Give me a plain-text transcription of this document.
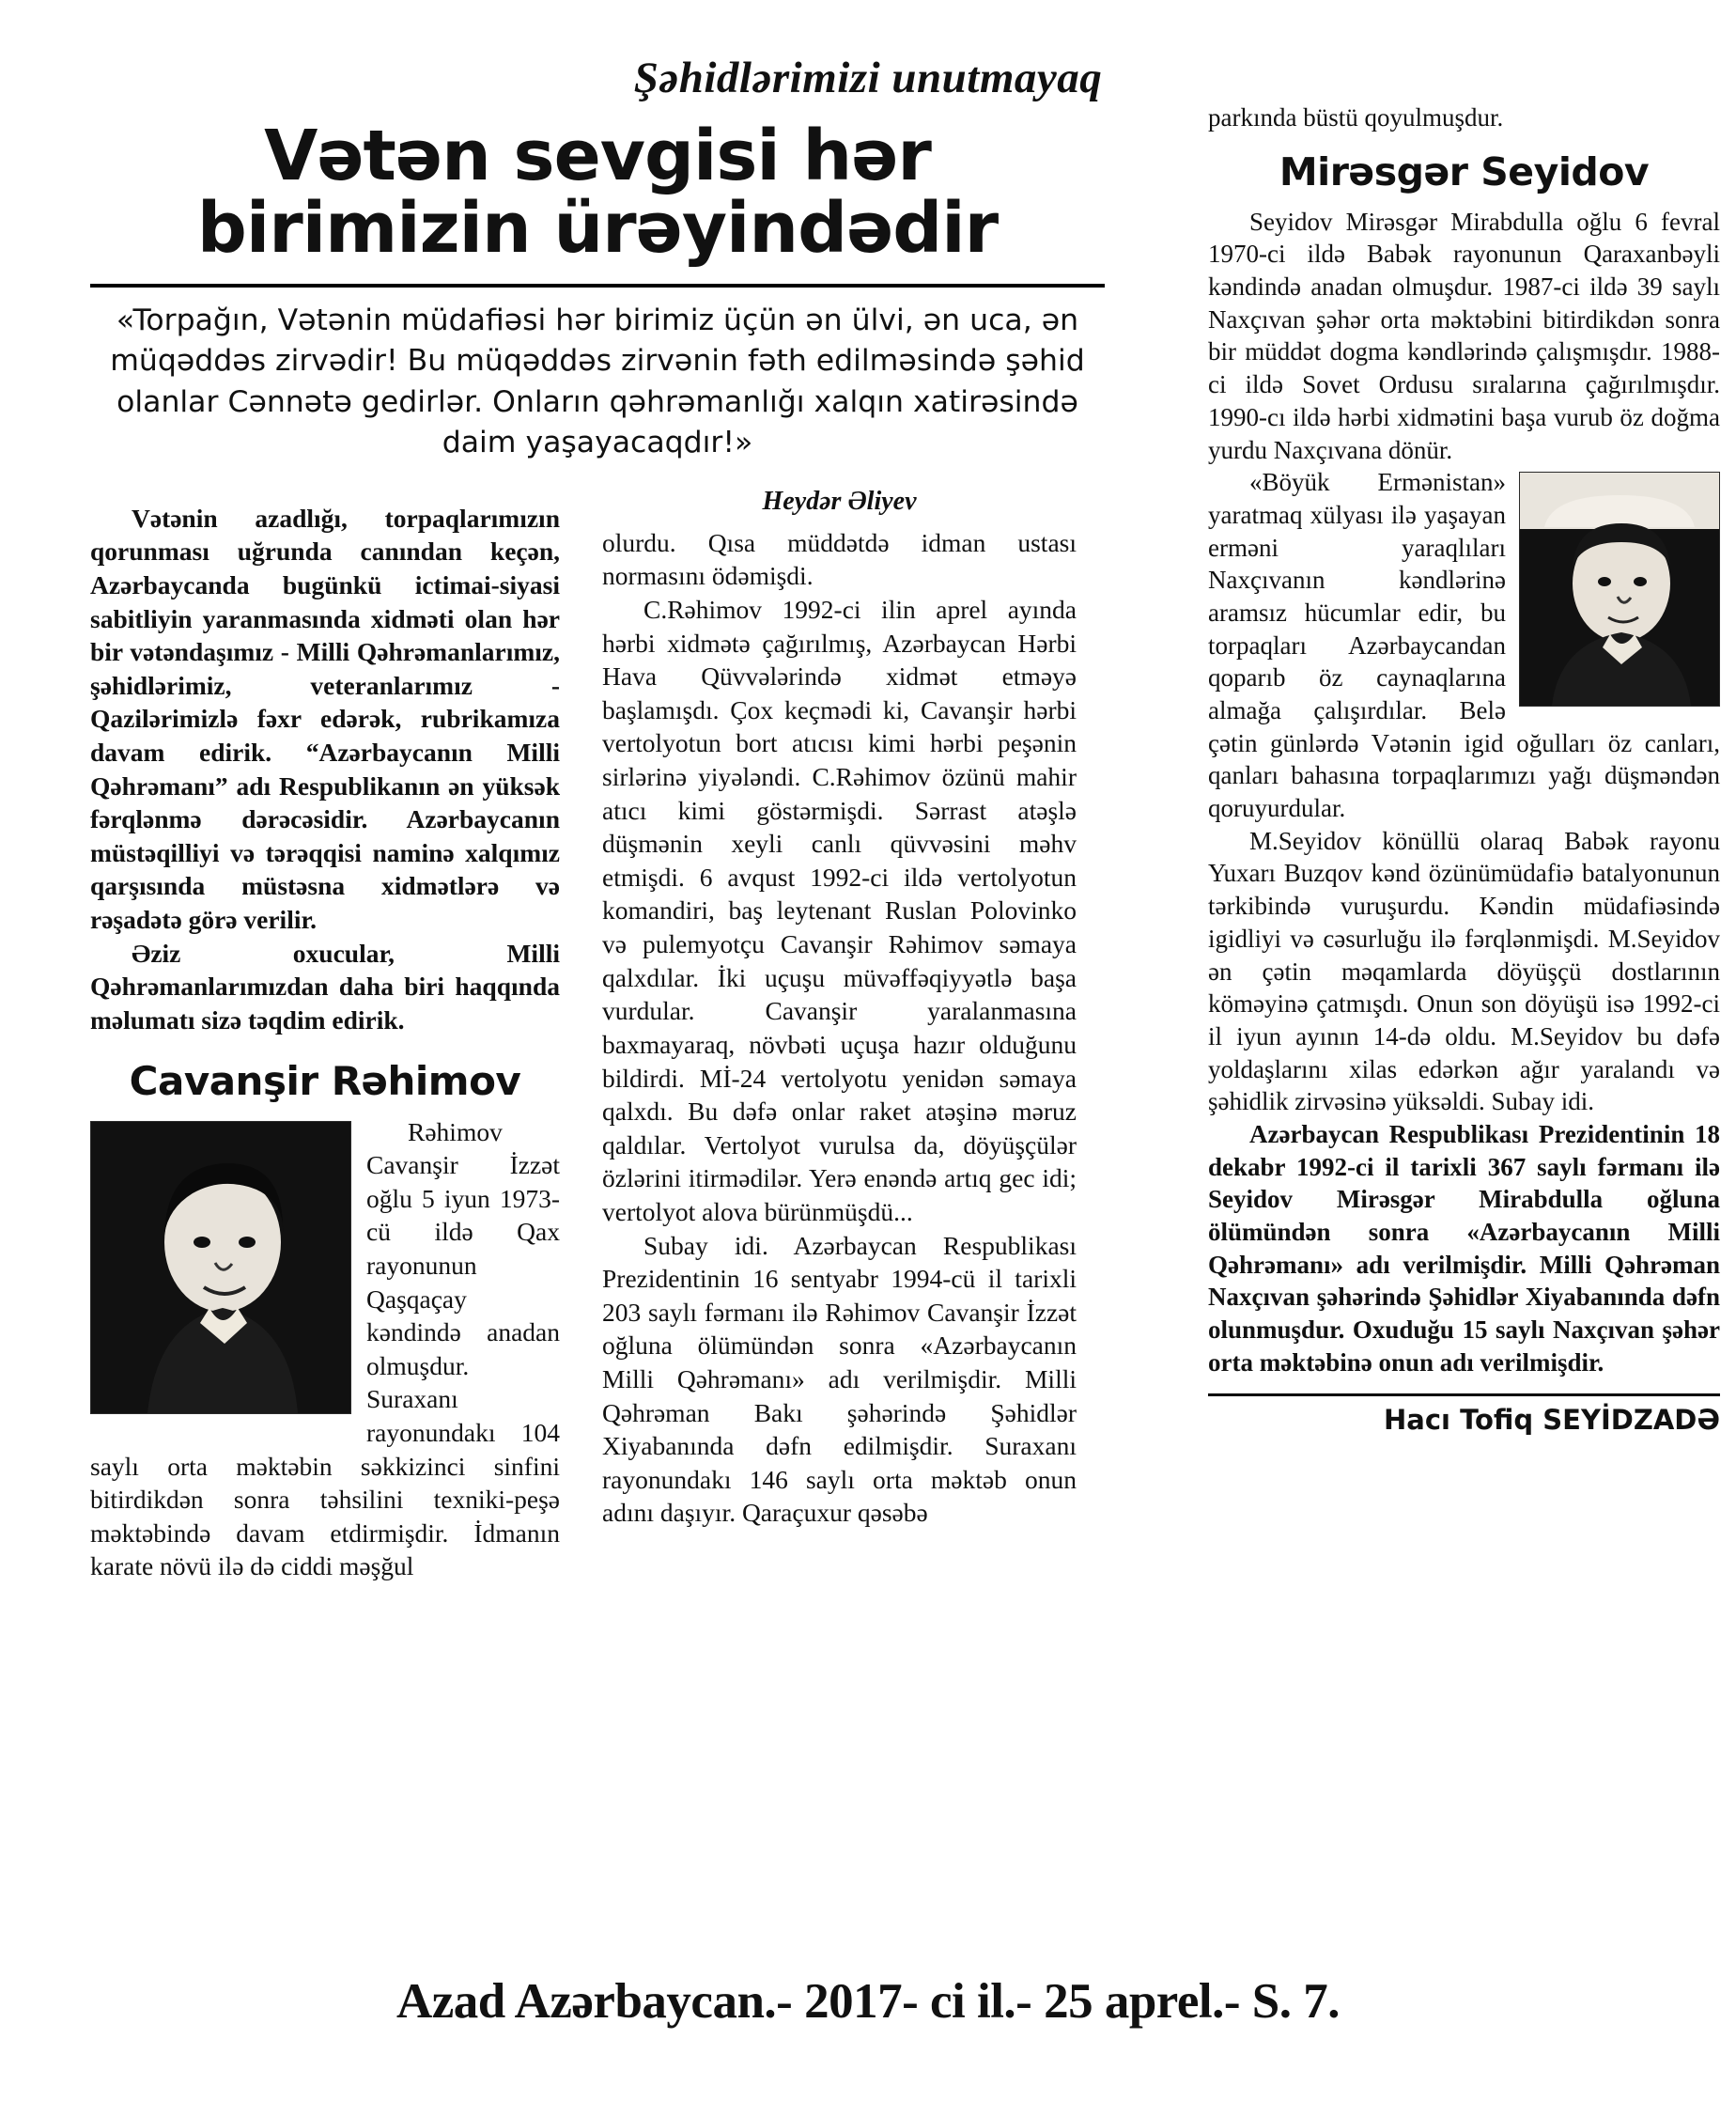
Şəhidlərimizi unutmayaq
Vətən sevgisi hər birimizin ürəyindədir
«Torpağın, Vətənin müdafiəsi hər birimiz üçün ən ülvi, ən uca, ən müqəddəs zirvədir! Bu müqəddəs zirvənin fəth edilməsində şəhid olanlar Cənnətə gedirlər. Onların qəhrəmanlığı xalqın xatirəsində daim yaşayacaqdır!»

Vətənin azadlığı, torpaqlarımızın qorunması uğrunda canından keçən, Azərbaycanda bugünkü ictimai-siyasi sabitliyin yaranmasında xidməti olan hər bir vətəndaşımız - Milli Qəhrəmanlarımız, şəhidlərimiz, veteranlarımız - Qazilərimizlə fəxr edərək, rubrikamıza davam edirik. “Azərbaycanın Milli Qəhrəmanı” adı Respublikanın ən yüksək fərqlənmə dərəcəsidir. Azərbaycanın müstəqilliyi və tərəqqisi naminə xalqımız qarşısında müstəsna xidmətlərə və rəşadətə görə verilir.

Əziz oxucular, Milli Qəhrəmanlarımızdan daha biri haqqında məlumatı sizə təqdim edirik.

Cavanşir Rəhimov

Rəhimov Cavanşir İzzət oğlu 5 iyun 1973-cü ildə Qax rayonunun Qaşqaçay kəndində anadan olmuşdur. Suraxanı rayonundakı 104 saylı orta məktəbin səkkizinci sinfini bitirdikdən sonra təhsilini texniki-peşə məktəbində davam etdirmişdir. İdmanın karate növü ilə də ciddi məşğul

Heydər Əliyev

olurdu. Qısa müddətdə idman ustası normasını ödəmişdi.

C.Rəhimov 1992-ci ilin aprel ayında hərbi xidmətə çağırılmış, Azərbaycan Hərbi Hava Qüvvələrində xidmət etməyə başlamışdı. Çox keçmədi ki, Cavanşir hərbi vertolyotun bort atıcısı kimi hərbi peşənin sirlərinə yiyələndi. C.Rəhimov özünü mahir atıcı kimi göstərmişdi. Sərrast atəşlə düşmənin xeyli canlı qüvvəsini məhv etmişdi. 6 avqust 1992-ci ildə vertolyotun komandiri, baş leytenant Ruslan Polovinko və pulemyotçu Cavanşir Rəhimov səmaya qalxdılar. İki uçuşu müvəffəqiyyətlə başa vurdular. Cavanşir yaralanmasına baxmayaraq, növbəti uçuşa hazır olduğunu bildirdi. Mİ-24 vertolyotu yenidən səmaya qalxdı. Bu dəfə onlar raket atəşinə məruz qaldılar. Vertolyot vurulsa da, döyüşçülər özlərini itirmədilər. Yerə enəndə artıq gec idi; vertolyot alova bürünmüşdü...

Subay idi. Azərbaycan Respublikası Prezidentinin 16 sentyabr 1994-cü il tarixli 203 saylı fərmanı ilə Rəhimov Cavanşir İzzət oğluna ölümündən sonra «Azərbaycanın Milli Qəhrəmanı» adı verilmişdir. Milli Qəhrəman Bakı şəhərində Şəhidlər Xiyabanında dəfn edilmişdir. Suraxanı rayonundakı 146 saylı orta məktəb onun adını daşıyır. Qaraçuxur qəsəbə

parkında büstü qoyulmuşdur.

Mirəsgər Seyidov

Seyidov Mirəsgər Mirabdulla oğlu 6 fevral 1970-ci ildə Babək rayonunun Qaraxanbəyli kəndində anadan olmuşdur. 1987-ci ildə 39 saylı Naxçıvan şəhər orta məktəbini bitirdikdən sonra bir müddət dogma kəndlərində çalışmışdır. 1988-ci ildə Sovet Ordusu sıralarına çağırılmışdır. 1990-cı ildə hərbi xidmətini başa vurub öz doğma yurdu Naxçıvana dönür.

«Böyük Ermənistan» yaratmaq xülyası ilə yaşayan erməni yaraqlıları Naxçıvanın kəndlərinə aramsız hücumlar edir, bu torpaqları Azərbaycandan qoparıb öz caynaqlarına almağa çalışırdılar. Belə çətin günlərdə Vətənin igid oğulları öz canları, qanları bahasına torpaqlarımızı yağı düşməndən qoruyurdular.

M.Seyidov könüllü olaraq Babək rayonu Yuxarı Buzqov kənd özünümüdafiə batalyonunun tərkibində vuruşurdu. Kəndin müdafiəsində igidliyi və cəsurluğu ilə fərqlənmişdi. M.Seyidov ən çətin məqamlarda döyüşçü dostlarının köməyinə çatmışdı. Onun son döyüşü isə 1992-ci il iyun ayının 14-də oldu. M.Seyidov bu dəfə yoldaşlarını xilas edərkən ağır yaralandı və şəhidlik zirvəsinə yüksəldi. Subay idi.

Azərbaycan Respublikası Prezidentinin 18 dekabr 1992-ci il tarixli 367 saylı fərmanı ilə Seyidov Mirəsgər Mirabdulla oğluna ölümündən sonra «Azərbaycanın Milli Qəhrəmanı» adı verilmişdir. Milli Qəhrəman Naxçıvan şəhərində Şəhidlər Xiyabanında dəfn olunmuşdur. Oxuduğu 15 saylı Naxçıvan şəhər orta məktəbinə onun adı verilmişdir.

Hacı Tofiq SEYİDZADƏ
Azad Azərbaycan.- 2017- ci il.- 25 aprel.- S. 7.
